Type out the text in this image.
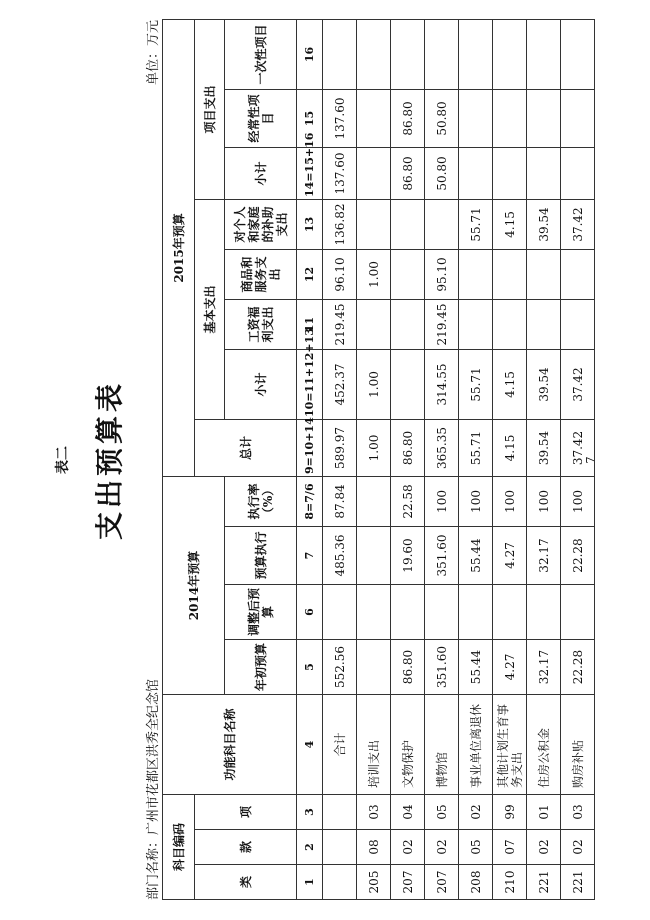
表二 支出预算表
部门名称：广州市花都区洪秀全纪念馆
单位：万元
科目编码			功能科目名称	2014年预算				2015年预算							
类	款	项						总计	基本支出				项目支出		
				年初预算	调整后预算	预算执行	执行率（%）		小计	工资福利支出	商品和服务支出	对个人和家庭的补助支出	小计	经常性项目	一次性项目

1	2	3	4	5	6	7	8=7/6	9=10+14	10=11+12+13	11	12	13	14=15+16	15	16
			合计	552.56		485.36	87.84	589.97	452.37	219.45	96.10	136.82	137.60	137.60	
205	08	03	培训支出					1.00	1.00		1.00				
207	02	04	文物保护	86.80		19.60	22.58	86.80					86.80	86.80	
207	02	05	博物馆	351.60		351.60	100	365.35	314.55	219.45	95.10		50.80	50.80	
208	05	02	事业单位离退休	55.44		55.44	100	55.71	55.71			55.71			
210	07	99	其他计划生育事务支出	4.27		4.27	100	4.15	4.15			4.15			
221	02	01	住房公积金	32.17		32.17	100	39.54	39.54			39.54			
221	02	03	购房补贴	22.28		22.28	100	37.42	37.42			37.42			
7
